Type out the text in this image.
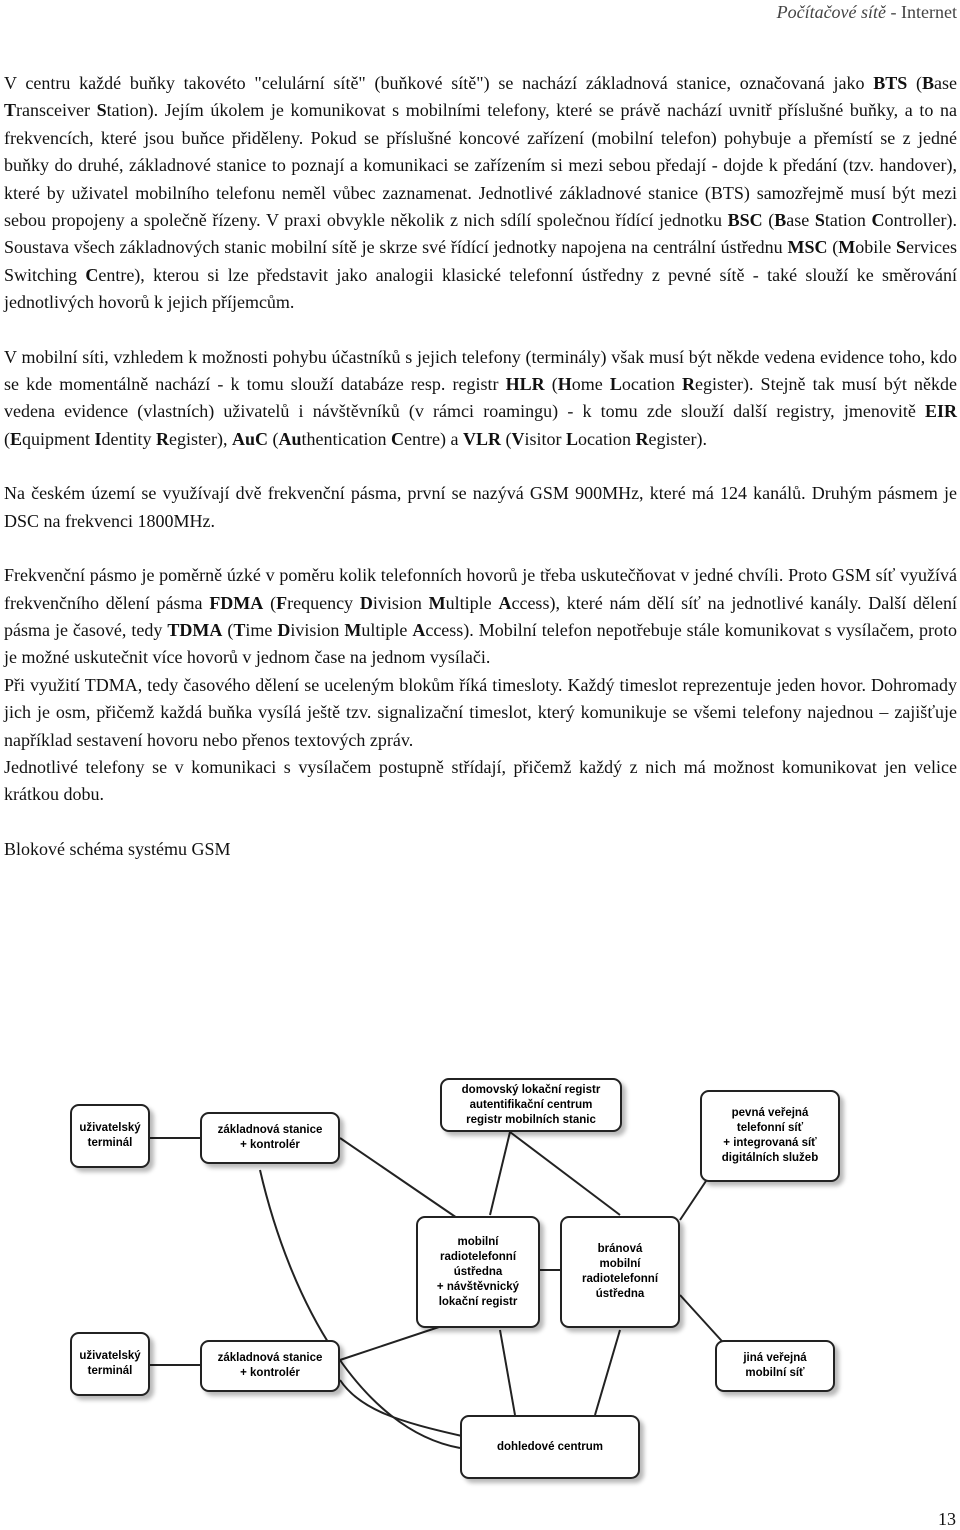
Počítačové sítě - Internet

V centru každé buňky takovéto "celulární sítě" (buňkové sítě") se nachází základnová stanice, označovaná jako BTS (Base Transceiver Station). Jejím úkolem je komunikovat s mobilními telefony, které se právě nachází uvnitř příslušné buňky, a to na frekvencích, které jsou buňce přiděleny. Pokud se příslušné koncové zařízení (mobilní telefon) pohybuje a přemístí se z jedné buňky do druhé, základnové stanice to poznají a komunikaci se zařízením si mezi sebou předají - dojde k předání (tzv. handover), které by uživatel mobilního telefonu neměl vůbec zaznamenat. Jednotlivé základnové stanice (BTS) samozřejmě musí být mezi sebou propojeny a společně řízeny. V praxi obvykle několik z nich sdílí společnou řídící jednotku BSC (Base Station Controller). Soustava všech základnových stanic mobilní sítě je skrze své řídící jednotky napojena na centrální ústřednu MSC (Mobile Services Switching Centre), kterou si lze představit jako analogii klasické telefonní ústředny z pevné sítě - také slouží ke směrování jednotlivých hovorů k jejich příjemcům.

V mobilní síti, vzhledem k možnosti pohybu účastníků s jejich telefony (terminály) však musí být někde vedena evidence toho, kdo se kde momentálně nachází - k tomu slouží databáze resp. registr HLR (Home Location Register). Stejně tak musí být někde vedena evidence (vlastních) uživatelů i návštěvníků (v rámci roamingu) - k tomu zde slouží další registry, jmenovitě EIR (Equipment Identity Register), AuC (Authentication Centre) a VLR (Visitor Location Register).

Na českém území se využívají dvě frekvenční pásma, první se nazývá GSM 900MHz, které má 124 kanálů. Druhým pásmem je DSC na frekvenci 1800MHz.

Frekvenční pásmo je poměrně úzké v poměru kolik telefonních hovorů je třeba uskutečňovat v jedné chvíli. Proto GSM síť využívá frekvenčního dělení pásma FDMA (Frequency Division Multiple Access), které nám dělí síť na jednotlivé kanály. Další dělení pásma je časové, tedy TDMA (Time Division Multiple Access). Mobilní telefon nepotřebuje stále komunikovat s vysílačem, proto je možné uskutečnit více hovorů v jednom čase na jednom vysílači.

Při využití TDMA, tedy časového dělení se uceleným blokům říká timesloty. Každý timeslot reprezentuje jeden hovor. Dohromady jich je osm, přičemž každá buňka vysílá ještě tzv. signalizační timeslot, který komunikuje se všemi telefony najednou – zajišťuje například sestavení hovoru nebo přenos textových zpráv.

Jednotlivé telefony se v komunikaci s vysílačem postupně střídají, přičemž každý z nich má možnost komunikovat jen velice krátkou dobu.

Blokové schéma systému GSM
domovský lokační registr
autentifikační centrum
registr mobilních stanic
uživatelský
terminál
základnová stanice
+ kontrolér
pevná veřejná
telefonní síť
+ integrovaná síť
digitálních služeb
mobilní
radiotelefonní
ústředna
+ návštěvnický
lokační registr
bránová
mobilní
radiotelefonní
ústředna
uživatelský
terminál
základnová stanice
+ kontrolér
jiná veřejná
mobilní síť
dohledové centrum
13
